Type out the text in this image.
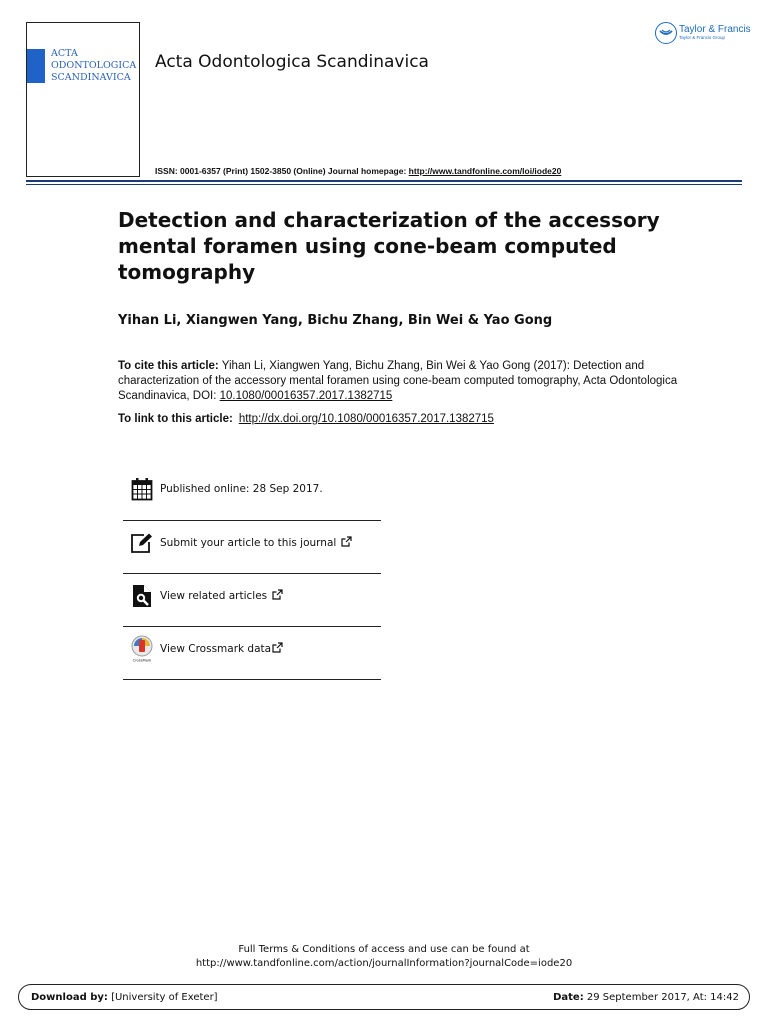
ACTA
ODONTOLOGICA
SCANDINAVICA
Acta Odontologica Scandinavica
Taylor & Francis
Taylor & Francis Group
ISSN: 0001-6357 (Print) 1502-3850 (Online) Journal homepage: http://www.tandfonline.com/loi/iode20
Detection and characterization of the accessory mental foramen using cone-beam computed tomography
Yihan Li, Xiangwen Yang, Bichu Zhang, Bin Wei & Yao Gong
To cite this article: Yihan Li, Xiangwen Yang, Bichu Zhang, Bin Wei & Yao Gong (2017): Detection and characterization of the accessory mental foramen using cone-beam computed tomography, Acta Odontologica Scandinavica, DOI: 10.1080/00016357.2017.1382715
To link to this article: http://dx.doi.org/10.1080/00016357.2017.1382715
Published online: 28 Sep 2017.
Submit your article to this journal
View related articles
CrossMark
View Crossmark data
Full Terms & Conditions of access and use can be found at
http://www.tandfonline.com/action/journalInformation?journalCode=iode20
Download by: [University of Exeter]	Date: 29 September 2017, At: 14:42
